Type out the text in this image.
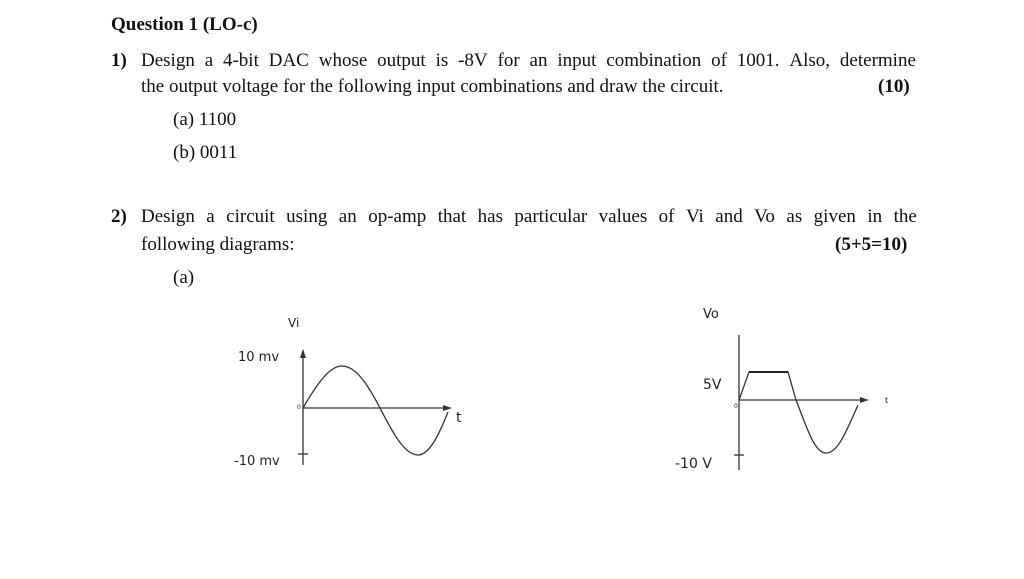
Question 1 (LO-c)
1) Design a 4-bit DAC whose output is -8V for an input combination of 1001. Also, determine
the output voltage for the following input combinations and draw the circuit.	(10)
(a) 1100
(b) 0011
2) Design a circuit using an op-amp that has particular values of Vi and Vo as given in the
following diagrams:	(5+5=10)
(a)
Vi
10 mv
-10 mv
t
0
Vo
5V
-10 V
0
t
